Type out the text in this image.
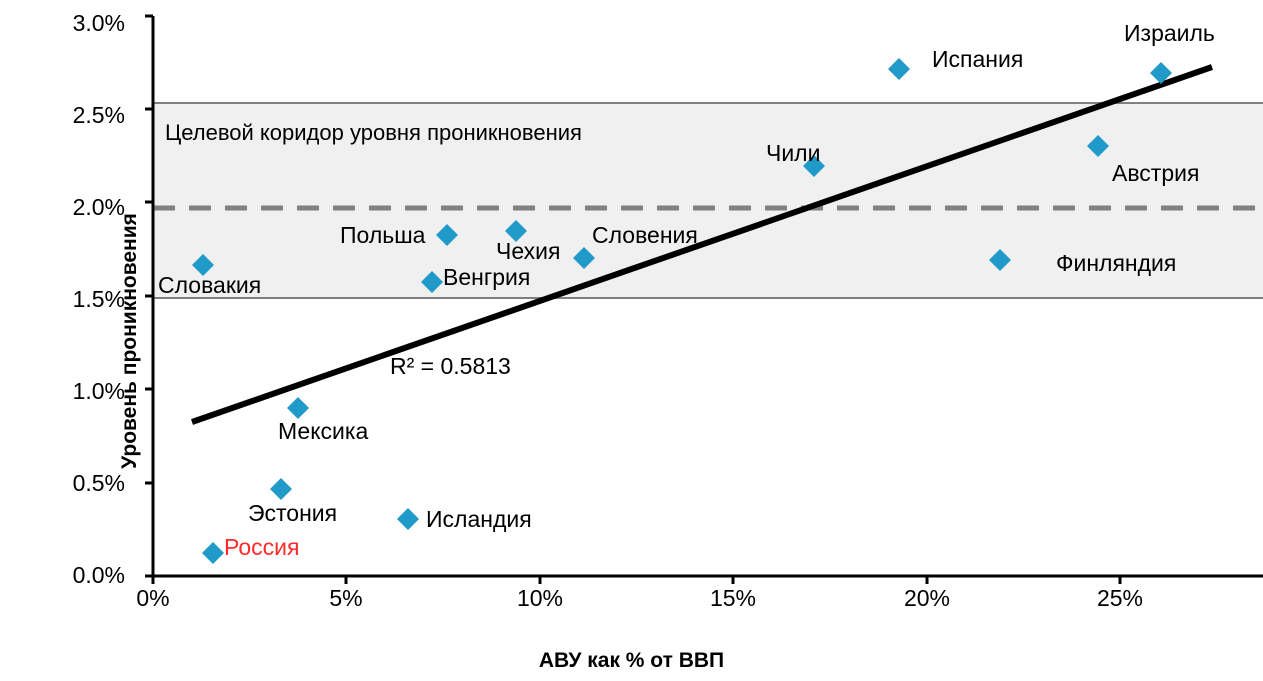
Уровень проникновения
АВУ как % от ВВП
3.0%
2.5%
2.0%
1.5%
1.0%
0.5%
0.0%
0%	5%	10%	15%	20%	25%
Целевой коридор уровня проникновения
R² = 0.5813
Израиль
Испания
Чили
Австрия
Польша	Словения
Чехия	Финляндия
Венгрия
Словакия
Мексика
Эстония	Исландия
Россия
